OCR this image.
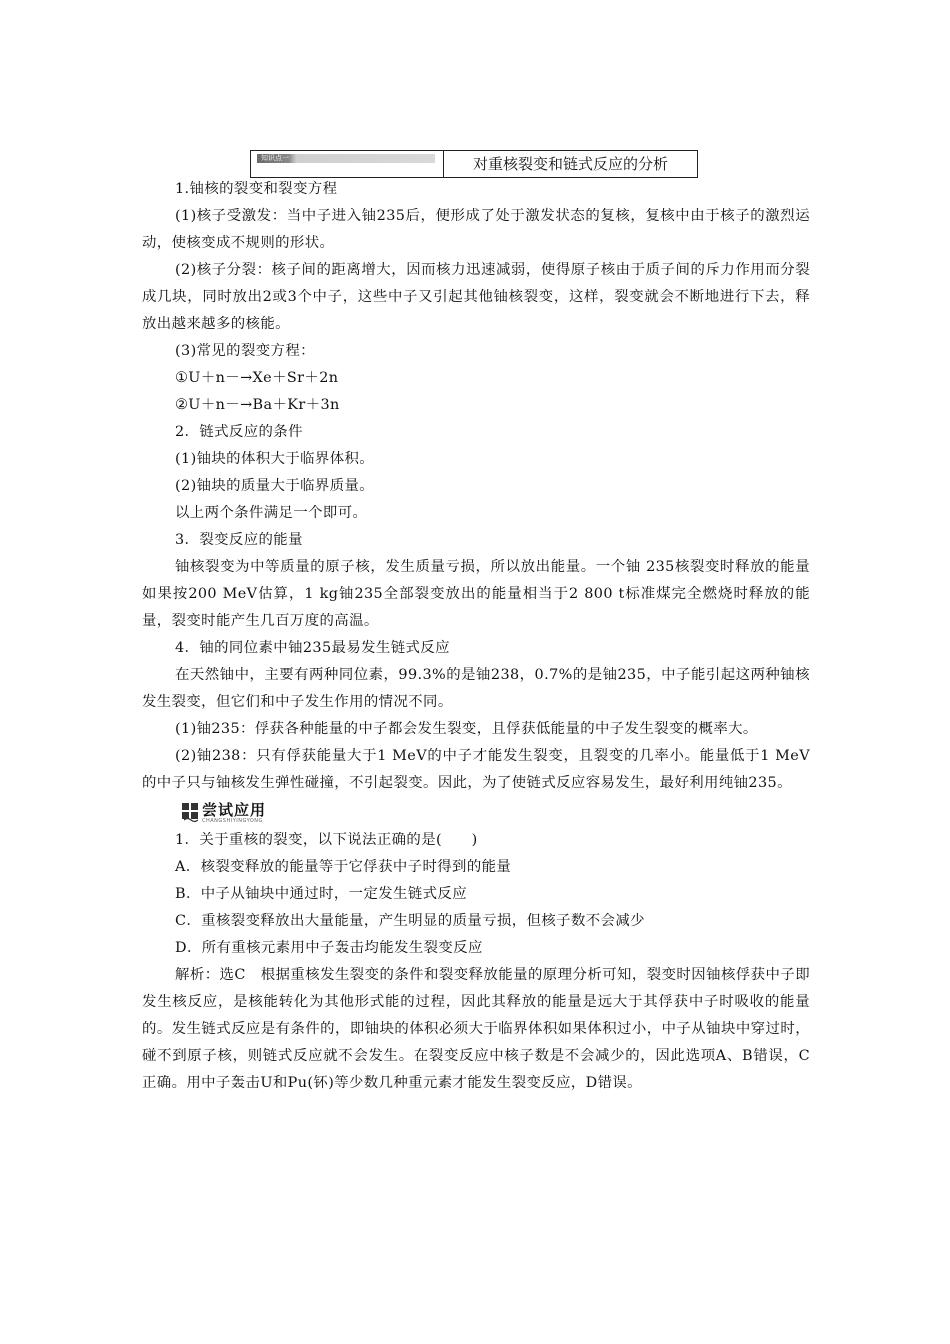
知识点一	对重核裂变和链式反应的分析

1.铀核的裂变和裂变方程

(1)核子受激发：当中子进入铀235后，便形成了处于激发状态的复核，复核中由于核子的激烈运动，使核变成不规则的形状。

(2)核子分裂：核子间的距离增大，因而核力迅速减弱，使得原子核由于质子间的斥力作用而分裂成几块，同时放出2或3个中子，这些中子又引起其他铀核裂变，这样，裂变就会不断地进行下去，释放出越来越多的核能。

(3)常见的裂变方程：

①U＋n－→Xe＋Sr＋2n

②U＋n－→Ba＋Kr＋3n

2．链式反应的条件

(1)铀块的体积大于临界体积。

(2)铀块的质量大于临界质量。

以上两个条件满足一个即可。

3．裂变反应的能量

铀核裂变为中等质量的原子核，发生质量亏损，所以放出能量。一个铀 235核裂变时释放的能量如果按200 MeV估算，1 kg铀235全部裂变放出的能量相当于2 800 t标准煤完全燃烧时释放的能量，裂变时能产生几百万度的高温。

4．铀的同位素中铀235最易发生链式反应

在天然铀中，主要有两种同位素，99.3%的是铀238，0.7%的是铀235，中子能引起这两种铀核发生裂变，但它们和中子发生作用的情况不同。

(1)铀235：俘获各种能量的中子都会发生裂变，且俘获低能量的中子发生裂变的概率大。

(2)铀238：只有俘获能量大于1 MeV的中子才能发生裂变，且裂变的几率小。能量低于1 MeV的中子只与铀核发生弹性碰撞，不引起裂变。因此，为了使链式反应容易发生，最好利用纯铀235。

尝试应用
CHANGSHIYINGYONG

1．关于重核的裂变，以下说法正确的是(　　)

A．核裂变释放的能量等于它俘获中子时得到的能量

B．中子从铀块中通过时，一定发生链式反应

C．重核裂变释放出大量能量，产生明显的质量亏损，但核子数不会减少

D．所有重核元素用中子轰击均能发生裂变反应

解析：选C　根据重核发生裂变的条件和裂变释放能量的原理分析可知，裂变时因铀核俘获中子即发生核反应，是核能转化为其他形式能的过程，因此其释放的能量是远大于其俘获中子时吸收的能量的。发生链式反应是有条件的，即铀块的体积必须大于临界体积如果体积过小，中子从铀块中穿过时，碰不到原子核，则链式反应就不会发生。在裂变反应中核子数是不会减少的，因此选项A、B错误，C正确。用中子轰击U和Pu(钚)等少数几种重元素才能发生裂变反应，D错误。
